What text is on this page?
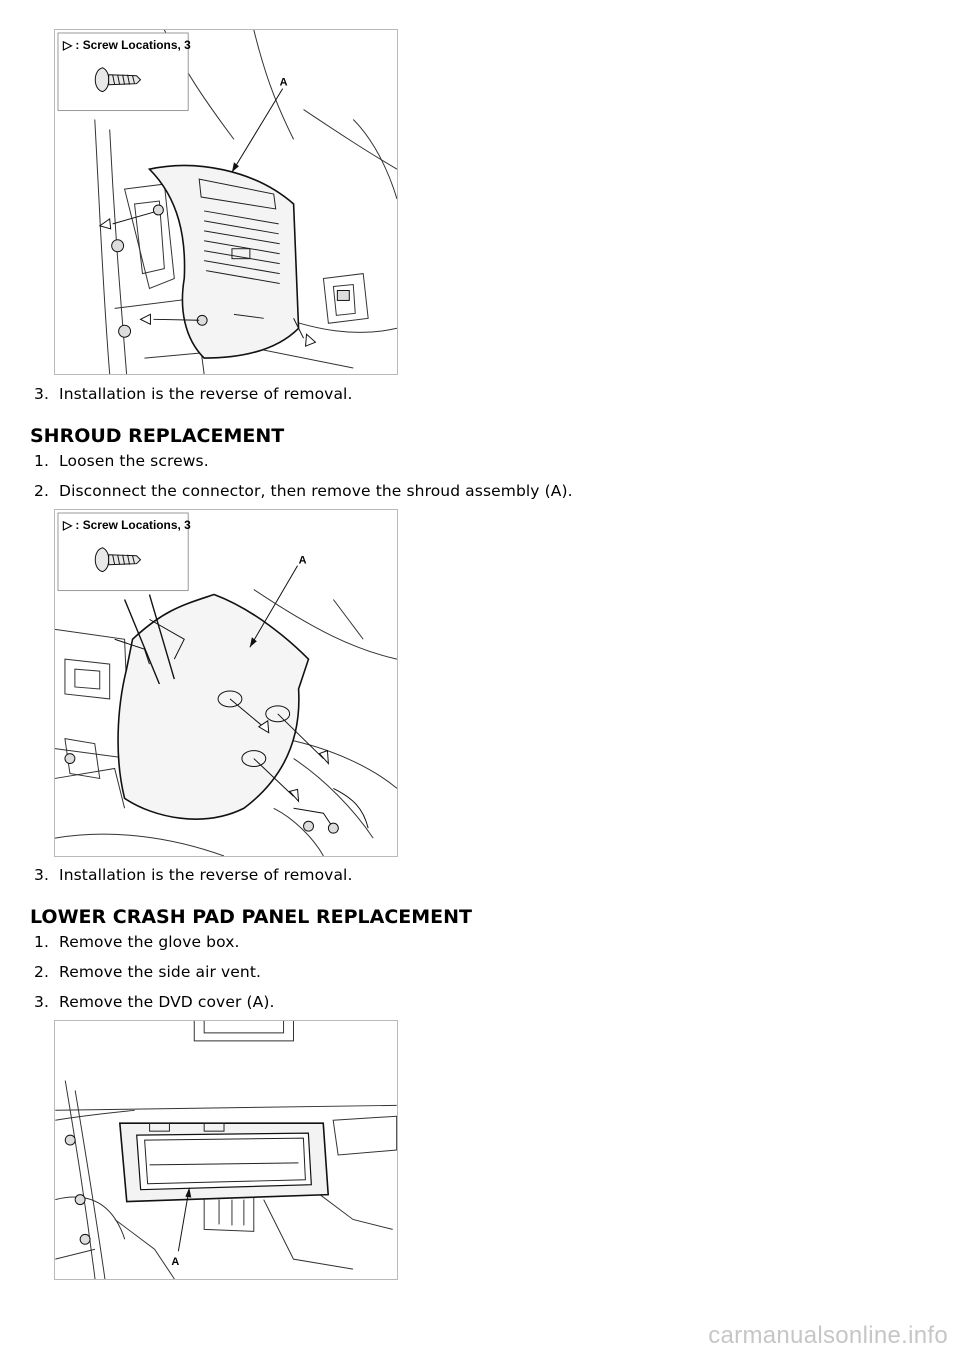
A
▷ : Screw Locations, 3
3. Installation is the reverse of removal.
SHROUD REPLACEMENT
1. Loosen the screws.
2. Disconnect the connector, then remove the shroud assembly (A).
A
▷ : Screw Locations, 3
3. Installation is the reverse of removal.
LOWER CRASH PAD PANEL REPLACEMENT
1. Remove the glove box.
2. Remove the side air vent.
3. Remove the DVD cover (A).
A
carmanualsonline.info
